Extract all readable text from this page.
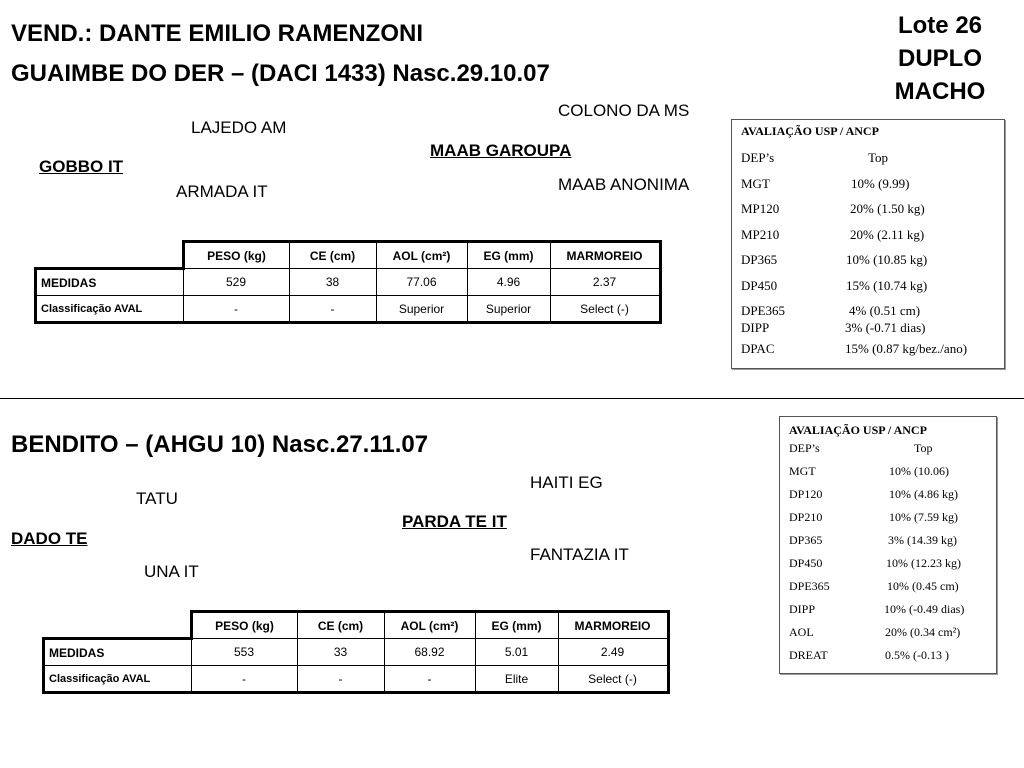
VEND.: DANTE EMILIO RAMENZONI	Lote 26
DUPLO
MACHO
GUAIMBE DO DER – (DACI 1433) Nasc.29.10.07
LAJEDO AM
GOBBO IT
ARMADA IT
COLONO DA MS
MAAB GAROUPA
MAAB ANONIMA
	PESO (kg)	CE (cm)	AOL (cm²)	EG (mm)	MARMOREIO
MEDIDAS	529	38	77.06	4.96	2.37
Classificação AVAL	-	-	Superior	Superior	Select (-)
AVALIAÇÃO USP / ANCP
DEP’s	Top
MGT	10% (9.99)
MP120	20% (1.50 kg)
MP210	20% (2.11 kg)
DP365	10% (10.85 kg)
DP450	15% (10.74 kg)
DPE365	4% (0.51 cm)
DIPP	3% (-0.71 dias)
DPAC	15% (0.87 kg/bez./ano)
BENDITO – (AHGU 10) Nasc.27.11.07
TATU
DADO TE
UNA IT
HAITI EG
PARDA TE IT
FANTAZIA IT
	PESO (kg)	CE (cm)	AOL (cm²)	EG (mm)	MARMOREIO
MEDIDAS	553	33	68.92	5.01	2.49
Classificação AVAL	-	-	-	Elite	Select (-)
AVALIAÇÃO USP / ANCP
DEP’s	Top
MGT	10% (10.06)
DP120	10% (4.86 kg)
DP210	10% (7.59 kg)
DP365	3% (14.39 kg)
DP450	10% (12.23 kg)
DPE365	10% (0.45 cm)
DIPP	10% (-0.49 dias)
AOL	20% (0.34 cm²)
DREAT	0.5% (-0.13 )
